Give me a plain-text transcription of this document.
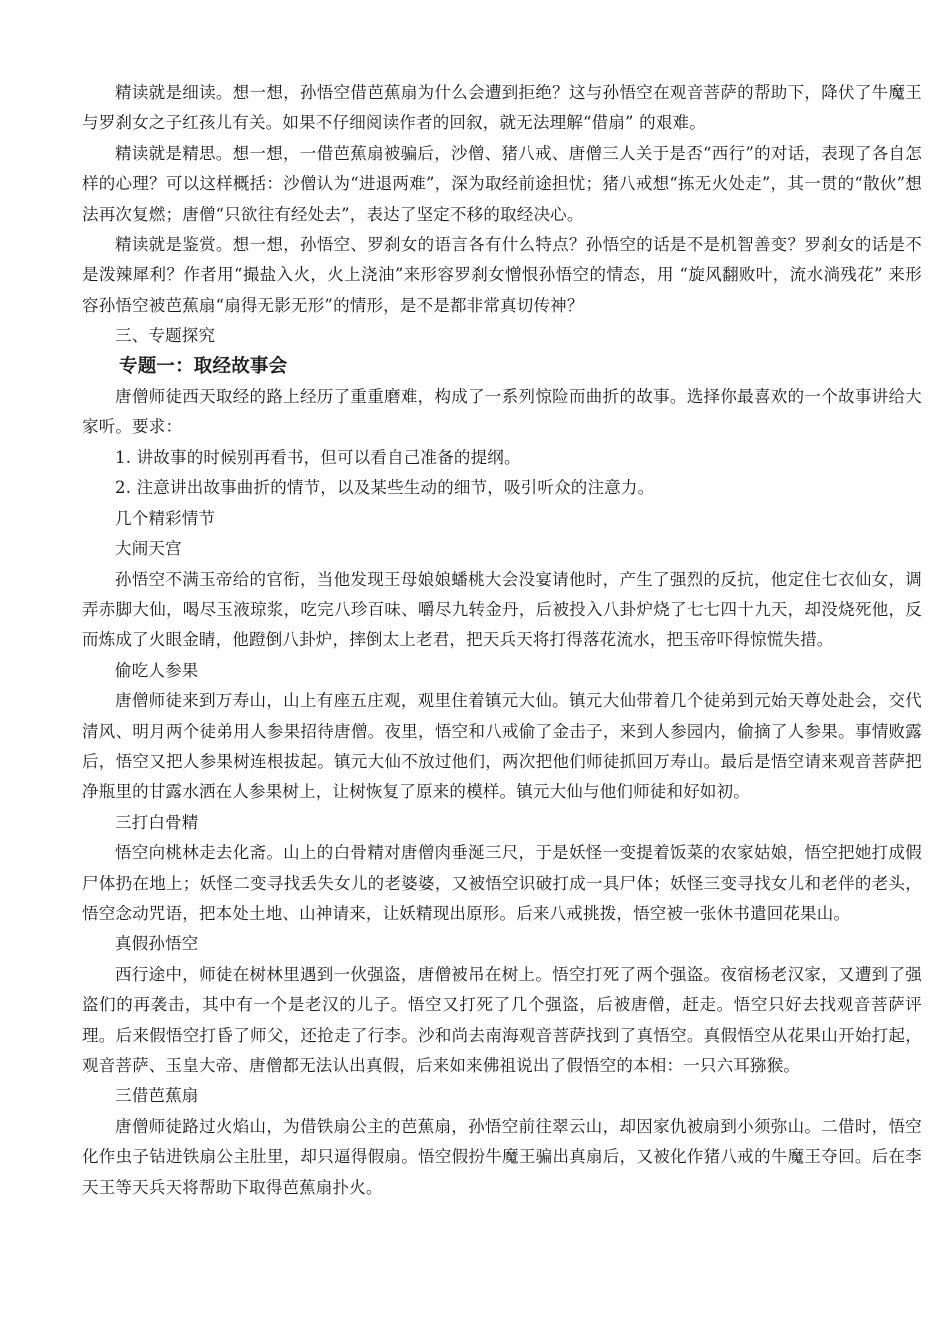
精读就是细读。想一想，孙悟空借芭蕉扇为什么会遭到拒绝？这与孙悟空在观音菩萨的帮助下，降伏了牛魔王与罗刹女之子红孩儿有关。如果不仔细阅读作者的回叙，就无法理解“借扇” 的艰难。

精读就是精思。想一想，一借芭蕉扇被骗后，沙僧、猪八戒、唐僧三人关于是否“西行”的对话，表现了各自怎样的心理？可以这样概括：沙僧认为“进退两难”，深为取经前途担忧；猪八戒想“拣无火处走”，其一贯的“散伙”想法再次复燃；唐僧“只欲往有经处去”，表达了坚定不移的取经决心。

精读就是鉴赏。想一想，孙悟空、罗刹女的语言各有什么特点？孙悟空的话是不是机智善变？罗刹女的话是不是泼辣犀利？作者用“撮盐入火，火上浇油”来形容罗刹女憎恨孙悟空的情态，用 “旋风翻败叶，流水淌残花” 来形容孙悟空被芭蕉扇“扇得无影无形”的情形，是不是都非常真切传神？

三、专题探究

专题一：取经故事会

唐僧师徒西天取经的路上经历了重重磨难，构成了一系列惊险而曲折的故事。选择你最喜欢的一个故事讲给大家听。要求：

1. 讲故事的时候别再看书，但可以看自己准备的提纲。

2. 注意讲出故事曲折的情节，以及某些生动的细节，吸引听众的注意力。

几个精彩情节

大闹天宫

孙悟空不满玉帝给的官衔，当他发现王母娘娘蟠桃大会没宴请他时，产生了强烈的反抗，他定住七衣仙女，调弄赤脚大仙，喝尽玉液琼浆，吃完八珍百味、嚼尽九转金丹，后被投入八卦炉烧了七七四十九天，却没烧死他，反而炼成了火眼金睛，他蹬倒八卦炉，摔倒太上老君，把天兵天将打得落花流水，把玉帝吓得惊慌失措。

偷吃人参果

唐僧师徒来到万寿山，山上有座五庄观，观里住着镇元大仙。镇元大仙带着几个徒弟到元始天尊处赴会，交代清风、明月两个徒弟用人参果招待唐僧。夜里，悟空和八戒偷了金击子，来到人参园内，偷摘了人参果。事情败露后，悟空又把人参果树连根拔起。镇元大仙不放过他们，两次把他们师徒抓回万寿山。最后是悟空请来观音菩萨把净瓶里的甘露水洒在人参果树上，让树恢复了原来的模样。镇元大仙与他们师徒和好如初。

三打白骨精

悟空向桃林走去化斋。山上的白骨精对唐僧肉垂涎三尺，于是妖怪一变提着饭菜的农家姑娘，悟空把她打成假尸体扔在地上；妖怪二变寻找丢失女儿的老婆婆，又被悟空识破打成一具尸体；妖怪三变寻找女儿和老伴的老头，悟空念动咒语，把本处土地、山神请来，让妖精现出原形。后来八戒挑拨，悟空被一张休书遣回花果山。

真假孙悟空

西行途中，师徒在树林里遇到一伙强盗，唐僧被吊在树上。悟空打死了两个强盗。夜宿杨老汉家，又遭到了强盗们的再袭击，其中有一个是老汉的儿子。悟空又打死了几个强盗，后被唐僧，赶走。悟空只好去找观音菩萨评理。后来假悟空打昏了师父，还抢走了行李。沙和尚去南海观音菩萨找到了真悟空。真假悟空从花果山开始打起，观音菩萨、玉皇大帝、唐僧都无法认出真假，后来如来佛祖说出了假悟空的本相：一只六耳猕猴。

三借芭蕉扇

唐僧师徒路过火焰山，为借铁扇公主的芭蕉扇，孙悟空前往翠云山，却因家仇被扇到小须弥山。二借时，悟空化作虫子钻进铁扇公主肚里，却只逼得假扇。悟空假扮牛魔王骗出真扇后，又被化作猪八戒的牛魔王夺回。后在李天王等天兵天将帮助下取得芭蕉扇扑火。
